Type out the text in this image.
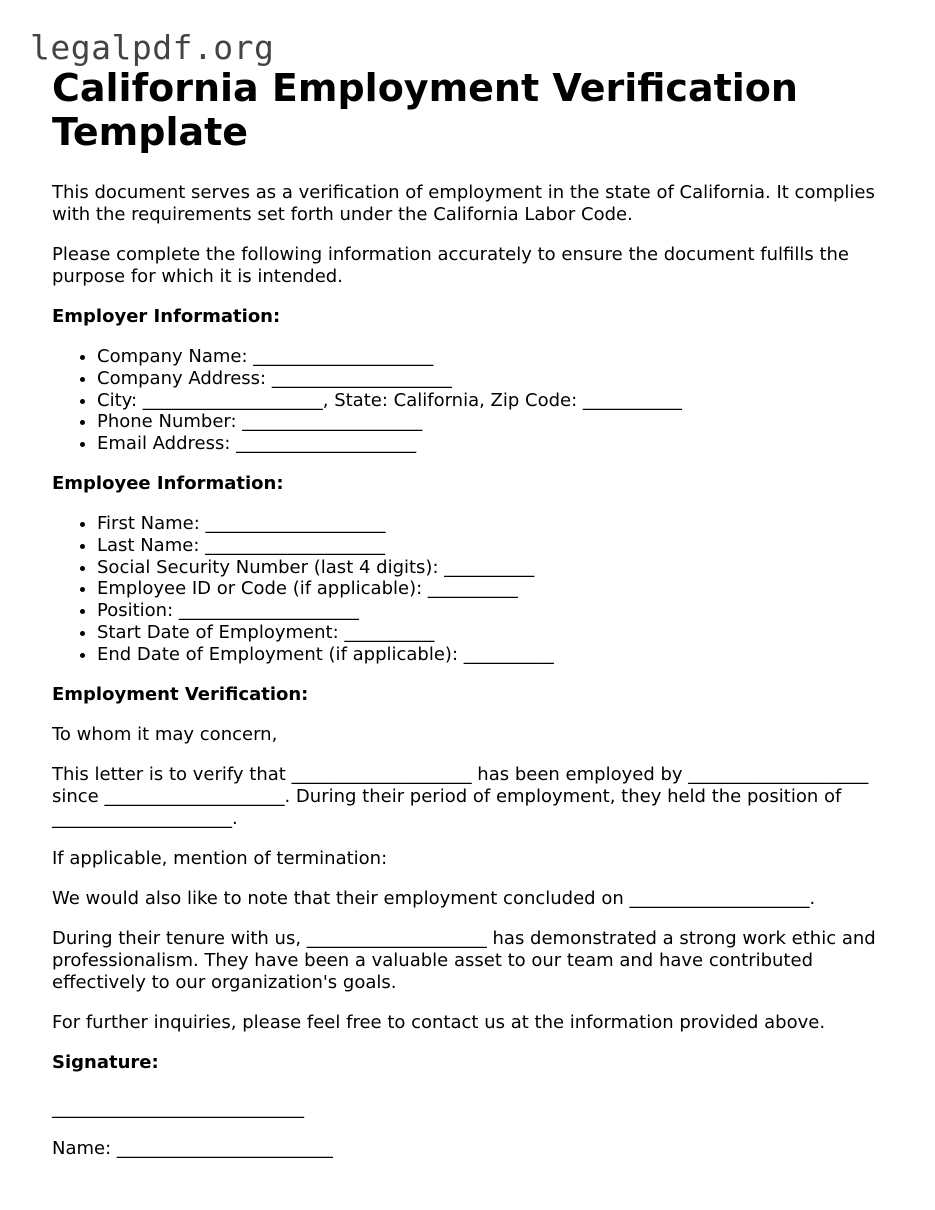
legalpdf.org
California Employment Verification Template

This document serves as a verification of employment in the state of California. It complies with the requirements set forth under the California Labor Code.

Please complete the following information accurately to ensure the document fulfills the purpose for which it is intended.

Employer Information:

• Company Name: ____________________
• Company Address: ____________________
• City: ____________________, State: California, Zip Code: ___________
• Phone Number: ____________________
• Email Address: ____________________

Employee Information:

• First Name: ____________________
• Last Name: ____________________
• Social Security Number (last 4 digits): __________
• Employee ID or Code (if applicable): __________
• Position: ____________________
• Start Date of Employment: __________
• End Date of Employment (if applicable): __________

Employment Verification:

To whom it may concern,

This letter is to verify that ____________________ has been employed by ____________________ since ____________________. During their period of employment, they held the position of ____________________.

If applicable, mention of termination:

We would also like to note that their employment concluded on ____________________.

During their tenure with us, ____________________ has demonstrated a strong work ethic and professionalism. They have been a valuable asset to our team and have contributed effectively to our organization's goals.

For further inquiries, please feel free to contact us at the information provided above.

Signature:

____________________________

Name: ________________________
